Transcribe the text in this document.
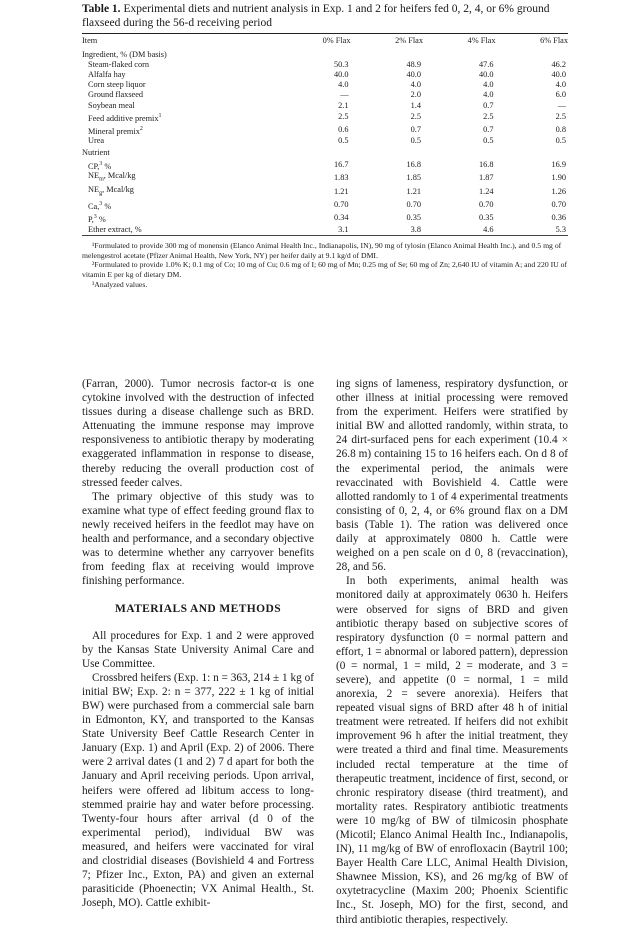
Table 1. Experimental diets and nutrient analysis in Exp. 1 and 2 for heifers fed 0, 2, 4, or 6% ground flaxseed during the 56-d receiving period

Item	0% Flax	2% Flax	4% Flax	6% Flax
Ingredient, % (DM basis)				
Steam-flaked corn	50.3	48.9	47.6	46.2
Alfalfa hay	40.0	40.0	40.0	40.0
Corn steep liquor	4.0	4.0	4.0	4.0
Ground flaxseed	—	2.0	4.0	6.0
Soybean meal	2.1	1.4	0.7	—
Feed additive premix$^1$	2.5	2.5	2.5	2.5
Mineral premix$^2$	0.6	0.7	0.7	0.8
Urea	0.5	0.5	0.5	0.5
Nutrient				
CP,$^3$ %	16.7	16.8	16.8	16.9
$NE_m$, Mcal/kg	1.83	1.85	1.87	1.90
$NE_g$, Mcal/kg	1.21	1.21	1.24	1.26
Ca,$^3$ %	0.70	0.70	0.70	0.70
P,$^3$ %	0.34	0.35	0.35	0.36
Ether extract, %	3.1	3.8	4.6	5.3

¹Formulated to provide 300 mg of monensin (Elanco Animal Health Inc., Indianapolis, IN), 90 mg of tylosin (Elanco Animal Health Inc.), and 0.5 mg of melengestrol acetate (Pfizer Animal Health, New York, NY) per heifer daily at 9.1 kg/d of DMI.

²Formulated to provide 1.0% K; 0.1 mg of Co; 10 mg of Cu; 0.6 mg of I; 60 mg of Mn; 0.25 mg of Se; 60 mg of Zn; 2,640 IU of vitamin A; and 220 IU of vitamin E per kg of dietary DM.

³Analyzed values.

(Farran, 2000). Tumor necrosis factor-α is one cytokine involved with the destruction of infected tissues during a disease challenge such as BRD. Attenuating the immune response may improve responsiveness to antibiotic therapy by moderating exaggerated inflammation in response to disease, thereby reducing the overall production cost of stressed feeder calves.

The primary objective of this study was to examine what type of effect feeding ground flax to newly received heifers in the feedlot may have on health and performance, and a secondary objective was to determine whether any carryover benefits from feeding flax at receiving would improve finishing performance.

MATERIALS AND METHODS

All procedures for Exp. 1 and 2 were approved by the Kansas State University Animal Care and Use Committee.

Crossbred heifers (Exp. 1: n = 363, 214 ± 1 kg of initial BW; Exp. 2: n = 377, 222 ± 1 kg of initial BW) were purchased from a commercial sale barn in Edmonton, KY, and transported to the Kansas State University Beef Cattle Research Center in January (Exp. 1) and April (Exp. 2) of 2006. There were 2 arrival dates (1 and 2) 7 d apart for both the January and April receiving periods. Upon arrival, heifers were offered ad libitum access to long-stemmed prairie hay and water before processing. Twenty-four hours after arrival (d 0 of the experimental period), individual BW was measured, and heifers were vaccinated for viral and clostridial diseases (Bovishield 4 and Fortress 7; Pfizer Inc., Exton, PA) and given an external parasiticide (Phoenectin; VX Animal Health., St. Joseph, MO). Cattle exhibit-

ing signs of lameness, respiratory dysfunction, or other illness at initial processing were removed from the experiment. Heifers were stratified by initial BW and allotted randomly, within strata, to 24 dirt-surfaced pens for each experiment (10.4 × 26.8 m) containing 15 to 16 heifers each. On d 8 of the experimental period, the animals were revaccinated with Bovishield 4. Cattle were allotted randomly to 1 of 4 experimental treatments consisting of 0, 2, 4, or 6% ground flax on a DM basis (Table 1). The ration was delivered once daily at approximately 0800 h. Cattle were weighed on a pen scale on d 0, 8 (revaccination), 28, and 56.

In both experiments, animal health was monitored daily at approximately 0630 h. Heifers were observed for signs of BRD and given antibiotic therapy based on subjective scores of respiratory dysfunction (0 = normal pattern and effort, 1 = abnormal or labored pattern), depression (0 = normal, 1 = mild, 2 = moderate, and 3 = severe), and appetite (0 = normal, 1 = mild anorexia, 2 = severe anorexia). Heifers that repeated visual signs of BRD after 48 h of initial treatment were retreated. If heifers did not exhibit improvement 96 h after the initial treatment, they were treated a third and final time. Measurements included rectal temperature at the time of therapeutic treatment, incidence of first, second, or chronic respiratory disease (third treatment), and mortality rates. Respiratory antibiotic treatments were 10 mg/kg of BW of tilmicosin phosphate (Micotil; Elanco Animal Health Inc., Indianapolis, IN), 11 mg/kg of BW of enrofloxacin (Baytril 100; Bayer Health Care LLC, Animal Health Division, Shawnee Mission, KS), and 26 mg/kg of BW of oxytetracycline (Maxim 200; Phoenix Scientific Inc., St. Joseph, MO) for the first, second, and third antibiotic therapies, respectively.
